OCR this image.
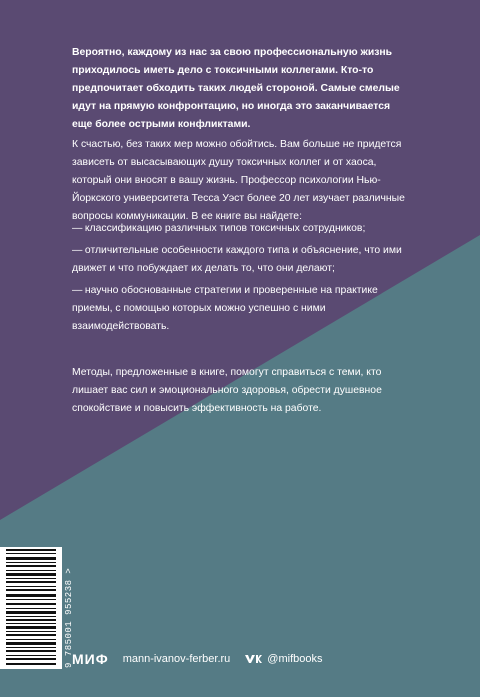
Вероятно, каждому из нас за свою профессиональную жизнь приходилось иметь дело с токсичными коллегами. Кто-то предпочитает обходить таких людей стороной. Самые смелые идут на прямую конфронтацию, но иногда это заканчивается еще более острыми конфликтами.
К счастью, без таких мер можно обойтись. Вам больше не придется зависеть от высасывающих душу токсичных коллег и от хаоса, который они вносят в вашу жизнь. Профессор психологии Нью-Йоркского университета Тесса Уэст более 20 лет изучает различные вопросы коммуникации. В ее книге вы найдете:
— классификацию различных типов токсичных сотрудников;
— отличительные особенности каждого типа и объяснение, что ими движет и что побуждает их делать то, что они делают;
— научно обоснованные стратегии и проверенные на практике приемы, с помощью которых можно успешно с ними взаимодействовать.
Методы, предложенные в книге, помогут справиться с теми, кто лишает вас сил и эмоционального здоровья, обрести душевное спокойствие и повысить эффективность на работе.
9 785001 955238 >
МИФ mann-ivanov-ferber.ru	@mifbooks
